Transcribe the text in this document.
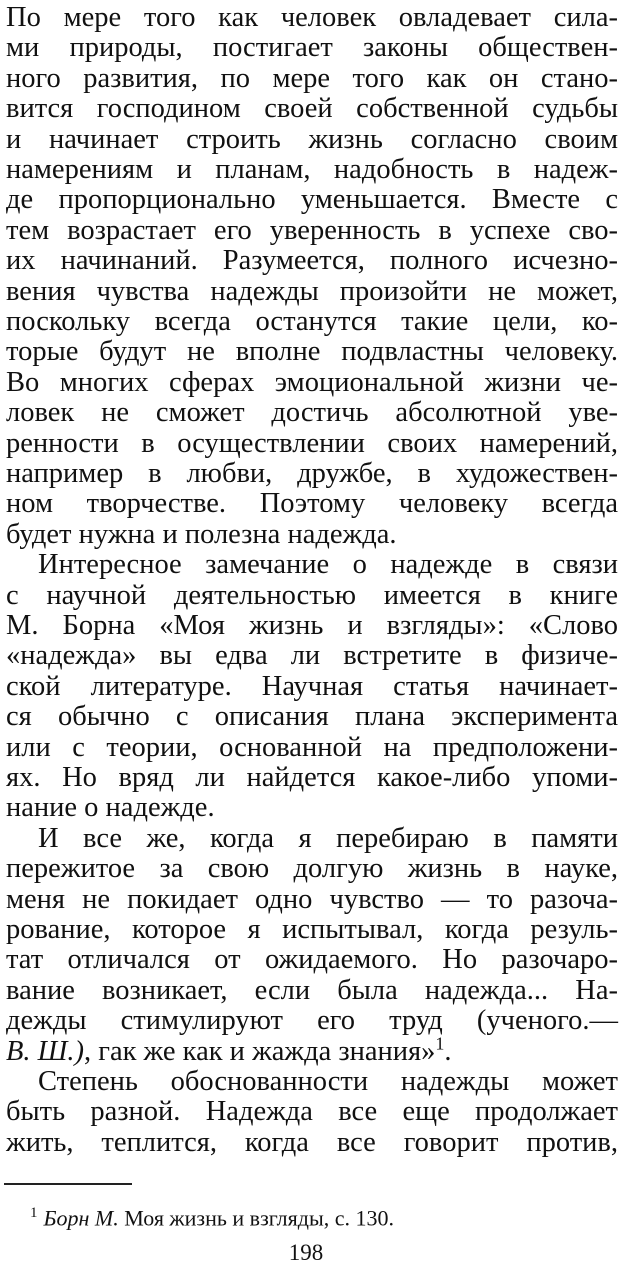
По мере того как человек овладевает сила-
ми природы, постигает законы обществен-
ного развития, по мере того как он стано-
вится господином своей собственной судьбы
и начинает строить жизнь согласно своим
намерениям и планам, надобность в надеж-
де пропорционально уменьшается. Вместе с
тем возрастает его уверенность в успехе сво-
их начинаний. Разумеется, полного исчезно-
вения чувства надежды произойти не может,
поскольку всегда останутся такие цели, ко-
торые будут не вполне подвластны человеку.
Во многих сферах эмоциональной жизни че-
ловек не сможет достичь абсолютной уве-
ренности в осуществлении своих намерений,
например в любви, дружбе, в художествен-
ном творчестве. Поэтому человеку всегда
будет нужна и полезна надежда.
Интересное замечание о надежде в связи
с научной деятельностью имеется в книге
М. Борна «Моя жизнь и взгляды»: «Слово
«надежда» вы едва ли встретите в физиче-
ской литературе. Научная статья начинает-
ся обычно с описания плана эксперимента
или с теории, основанной на предположени-
ях. Но вряд ли найдется какое-либо упоми-
нание о надежде.
И все же, когда я перебираю в памяти
пережитое за свою долгую жизнь в науке,
меня не покидает одно чувство — то разоча-
рование, которое я испытывал, когда резуль-
тат отличался от ожидаемого. Но разочаро-
вание возникает, если была надежда... На-
дежды стимулируют его труд (ученого.—
В. Ш.), гак же как и жажда знания»$^1$.
Степень обоснованности надежды может
быть разной. Надежда все еще продолжает
жить, теплится, когда все говорит против,
$^1$ Борн М. Моя жизнь и взгляды, с. 130.
198
